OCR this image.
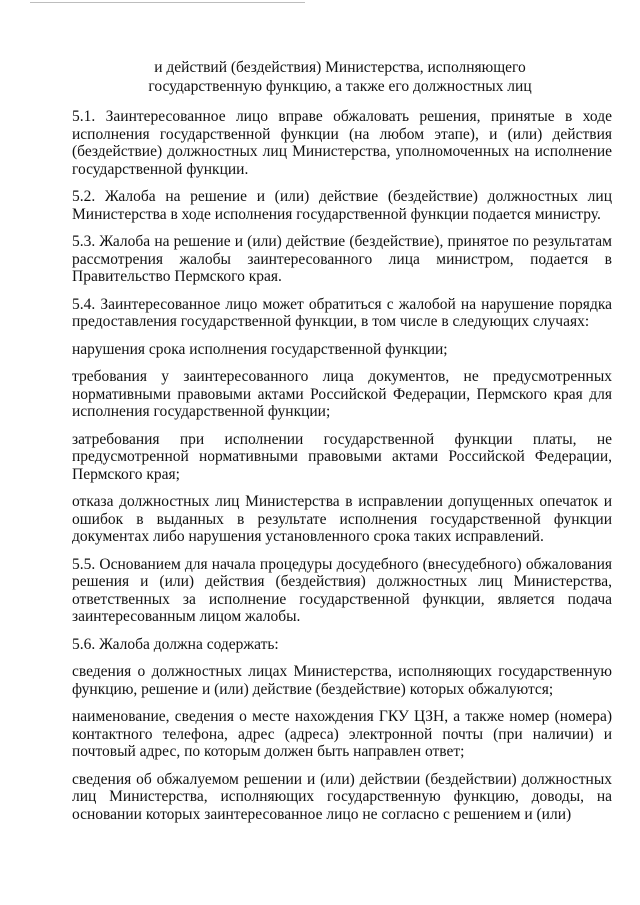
и действий (бездействия) Министерства, исполняющего
государственную функцию, а также его должностных лиц

5.1. Заинтересованное лицо вправе обжаловать решения, принятые в ходе исполнения государственной функции (на любом этапе), и (или) действия (бездействие) должностных лиц Министерства, уполномоченных на исполнение государственной функции.

5.2. Жалоба на решение и (или) действие (бездействие) должностных лиц Министерства в ходе исполнения государственной функции подается министру.

5.3. Жалоба на решение и (или) действие (бездействие), принятое по результатам рассмотрения жалобы заинтересованного лица министром, подается в Правительство Пермского края.

5.4. Заинтересованное лицо может обратиться с жалобой на нарушение порядка предоставления государственной функции, в том числе в следующих случаях:

нарушения срока исполнения государственной функции;

требования у заинтересованного лица документов, не предусмотренных нормативными правовыми актами Российской Федерации, Пермского края для исполнения государственной функции;

затребования при исполнении государственной функции платы, не предусмотренной нормативными правовыми актами Российской Федерации, Пермского края;

отказа должностных лиц Министерства в исправлении допущенных опечаток и ошибок в выданных в результате исполнения государственной функции документах либо нарушения установленного срока таких исправлений.

5.5. Основанием для начала процедуры досудебного (внесудебного) обжалования решения и (или) действия (бездействия) должностных лиц Министерства, ответственных за исполнение государственной функции, является подача заинтересованным лицом жалобы.

5.6. Жалоба должна содержать:

сведения о должностных лицах Министерства, исполняющих государственную функцию, решение и (или) действие (бездействие) которых обжалуются;

наименование, сведения о месте нахождения ГКУ ЦЗН, а также номер (номера) контактного телефона, адрес (адреса) электронной почты (при наличии) и почтовый адрес, по которым должен быть направлен ответ;

сведения об обжалуемом решении и (или) действии (бездействии) должностных лиц Министерства, исполняющих государственную функцию, доводы, на основании которых заинтересованное лицо не согласно с решением и (или)
